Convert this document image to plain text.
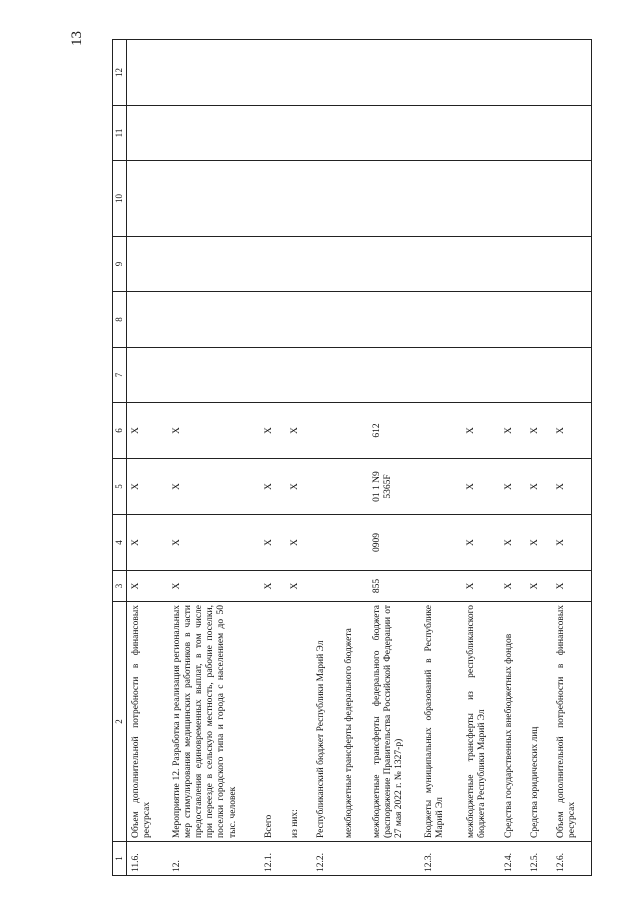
13
1	2	3	4	5	6	7	8	9	10	11	12
11.6.	Объем дополнительной потребности в финансовых ресурсах	X	X	X	X						
12.	Мероприятие 12. Разработка и реализация региональных мер стимулирования медицинских работников в части предоставления единовременных выплат, в том числе при переезде в сельскую местность, рабочие поселки, поселки городского типа и города с населением до 50 тыс. человек	X	X	X	X						
12.1.	Всего	X	X	X	X						
	из них:	X	X	X	X						
12.2.	Республиканский бюджет Республики Марий Эл										
	межбюджетные трансферты федерального бюджета										
	межбюджетные трансферты федерального бюджета (распоряжение Правительства Российской Федерации от 27 мая 2022 г. № 1327-р)	855	0909	01 1 N9 5365F	612						
12.3.	Бюджеты муниципальных образований в Республике Марий Эл										
	межбюджетные трансферты из республиканского бюджета Республики Марий Эл	X	X	X	X						
12.4.	Средства государственных внебюджетных фондов	X	X	X	X						
12.5.	Средства юридических лиц	X	X	X	X						
12.6.	Объем дополнительной потребности в финансовых ресурсах	X	X	X	X						
